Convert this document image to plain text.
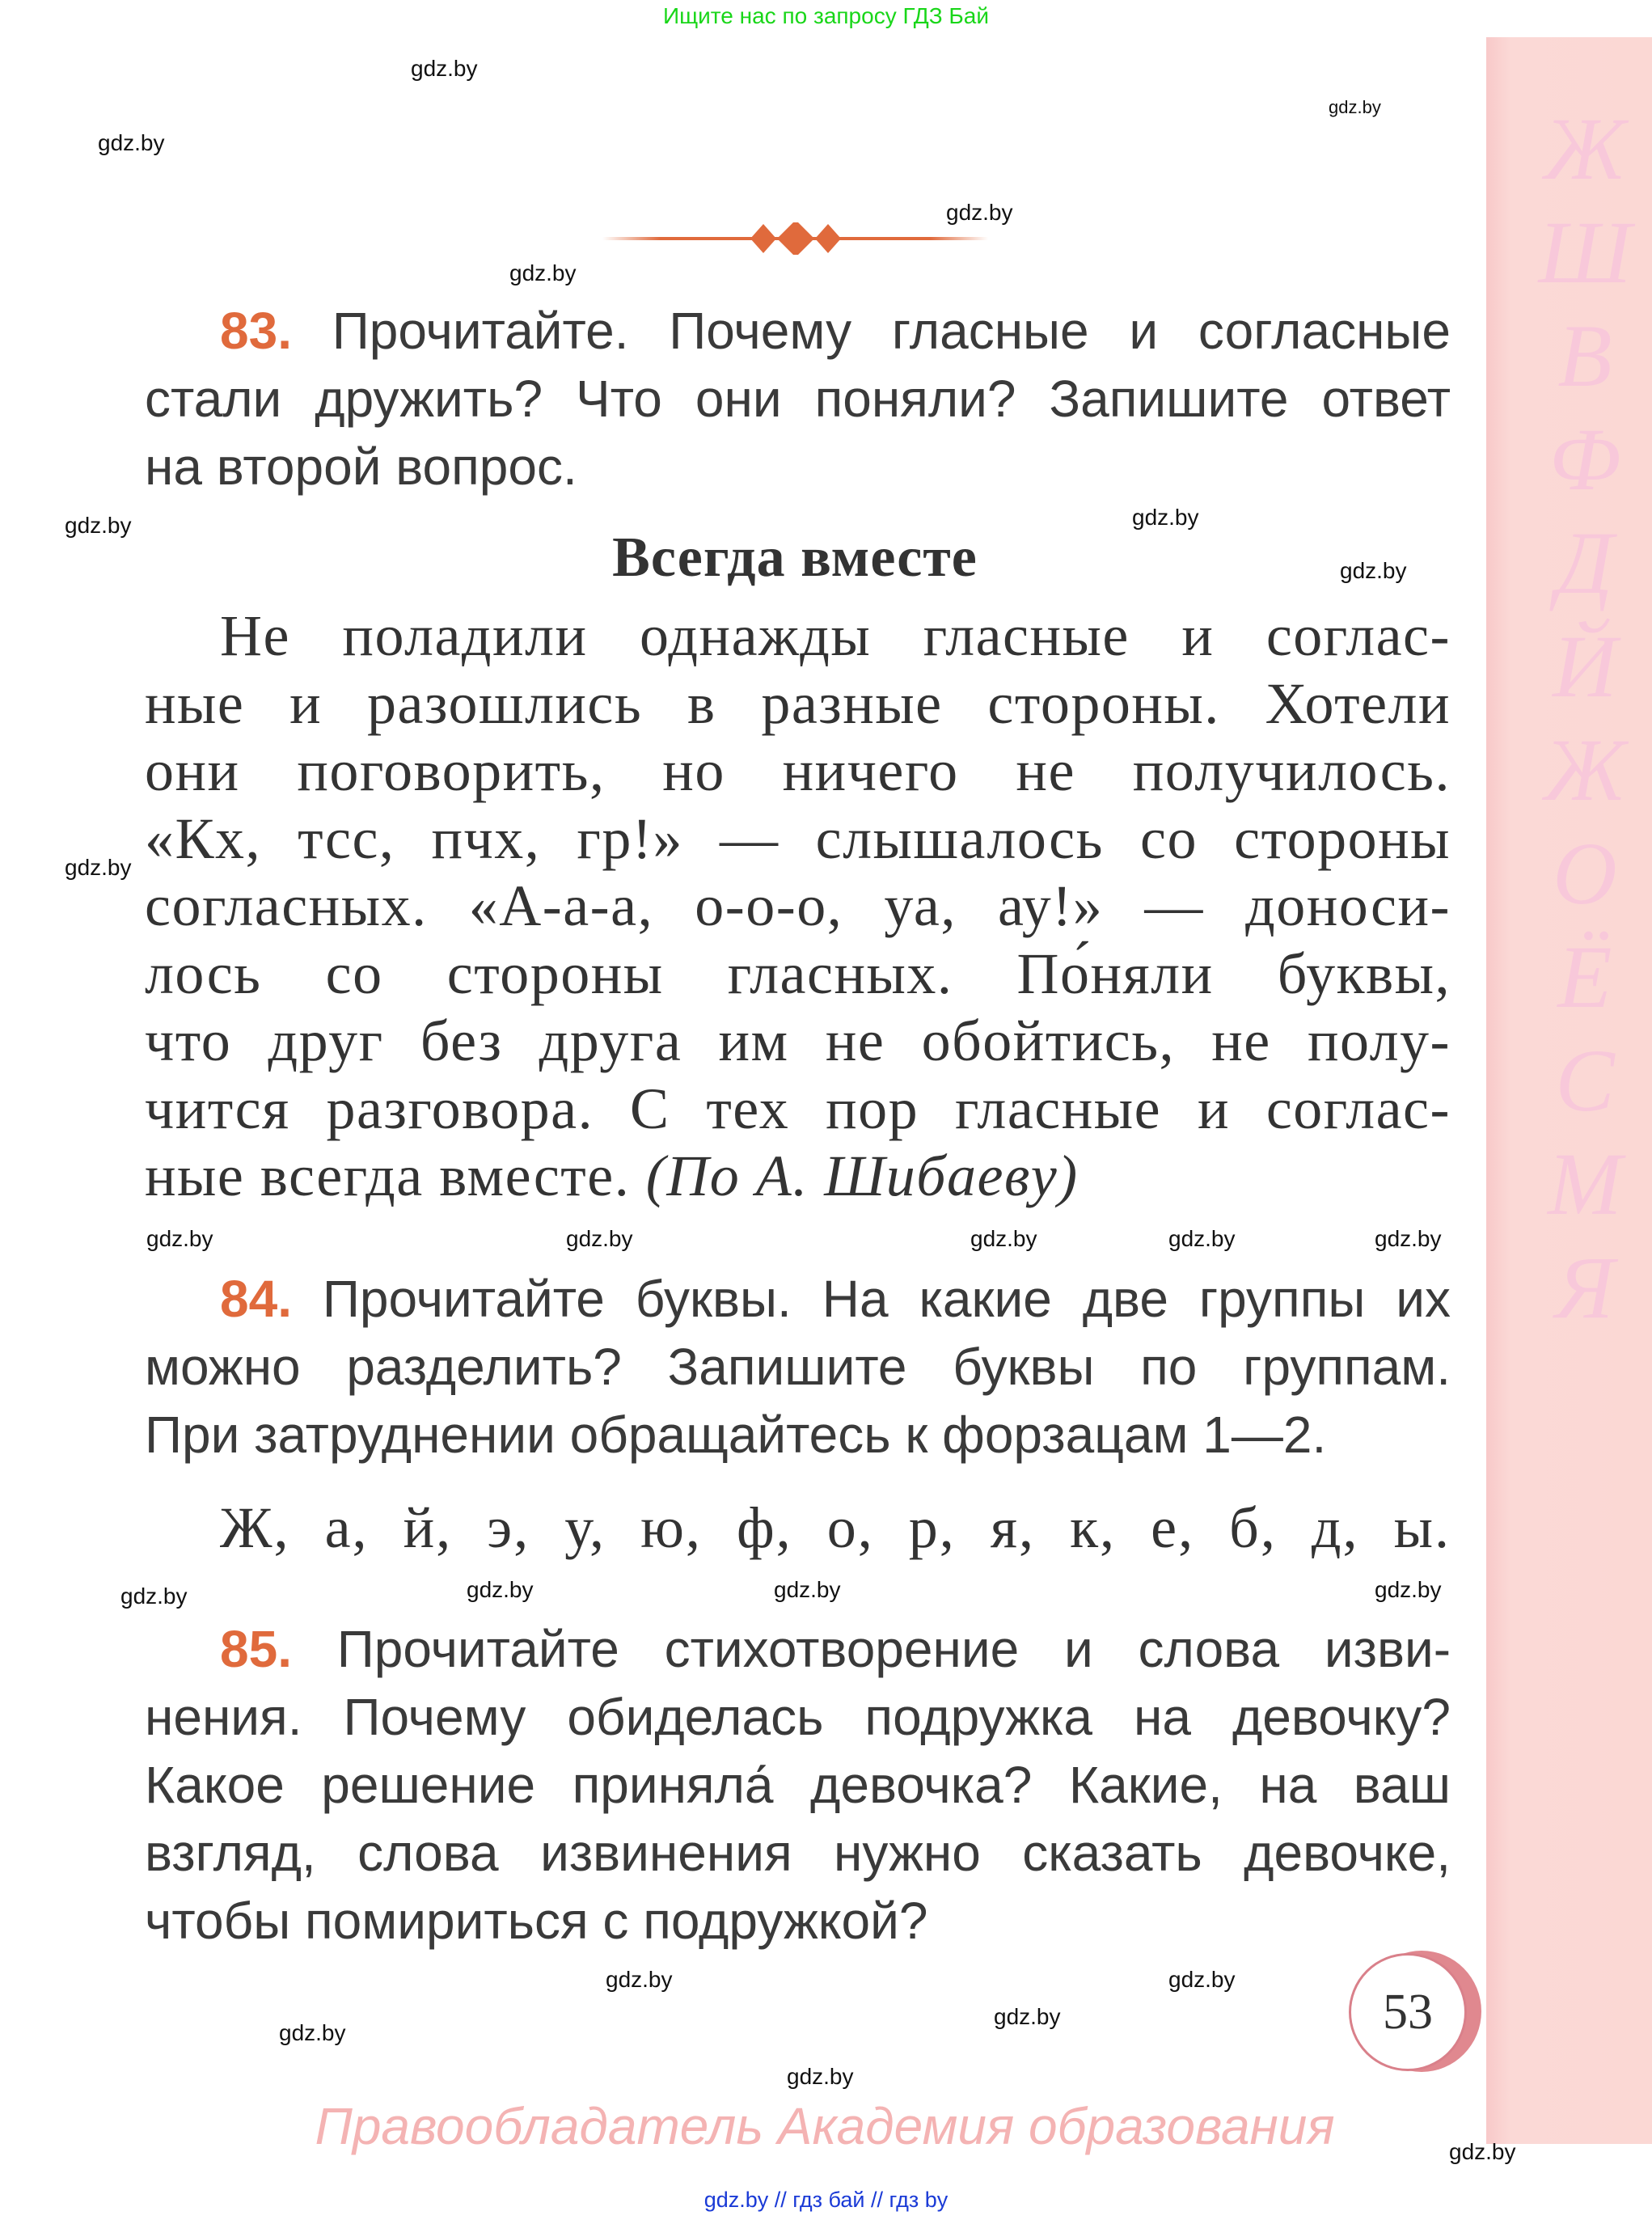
ЖШВФДЙЖОЁСМЯ
Ищите нас по запросу ГДЗ Бай
83. Прочитайте. Почему гласные и согласные
стали дружить? Что они поняли? Запишите ответ
на второй вопрос.
Всегда вместе
Не поладили однажды гласные и соглас-
ные и разошлись в разные стороны. Хотели
они поговорить, но ничего не получилось.
«Кх, тсс, пчх, гр!» — слышалось со стороны
согласных. «А-а-а, о-о-о, уа, ау!» — доноси-
лось со стороны гласных. По́няли буквы,
что друг без друга им не обойтись, не полу-
чится разговора. С тех пор гласные и соглас-
ные всегда вместе. (По А. Шибаеву)
84. Прочитайте буквы. На какие две группы их
можно разделить? Запишите буквы по группам.
При затруднении обращайтесь к форзацам 1—2.
Ж, а, й, э, у, ю, ф, о, р, я, к, е, б, д, ы.
85. Прочитайте стихотворение и слова изви-
нения. Почему обиделась подружка на девочку?
Какое решение приняла́ девочка? Какие, на ваш
взгляд, слова извинения нужно сказать девочке,
чтобы помириться с подружкой?
53
Правообладатель Академия образования
gdz.by // гдз бай // гдз by
gdz.by
gdz.by
gdz.by
gdz.by
gdz.by
gdz.by
gdz.by
gdz.by
gdz.by
gdz.by	gdz.by
gdz.by
gdz.by
gdz.by
gdz.by
gdz.by	gdz.by
gdz.by
gdz.by	gdz.by
gdz.by
gdz.by
gdz.by
gdz.by
